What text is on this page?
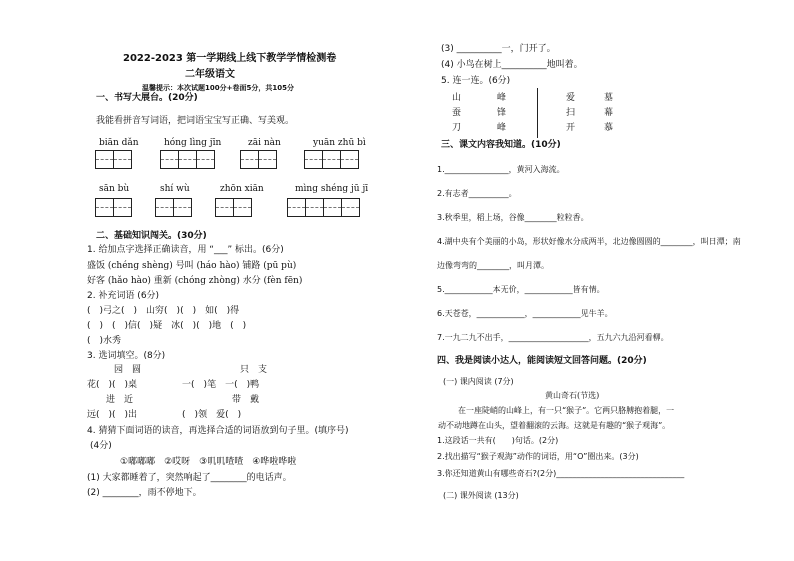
2022-2023 第一学期线上线下教学学情检测卷
二年级语文
温馨提示：本次试题100分+卷面5分，共105分
一、书写大展台。(20分)
我能看拼音写词语，把词语宝宝写正确、写美观。
biān dǎn	hóng lìng jīn	zāi nàn	yuān zhū bì
sān bù	shí wù	zhōn xiān	mìng shéng jū jī
二、基础知识闯关。(30分)
1. 给加点字选择正确读音，用 “___” 标出。(6分)
盛饭 (chéng shèng) 号叫 (háo hào) 铺路 (pū pù)
好客 (hǎo hào) 重新 (chóng zhòng) 水分 (fèn fēn)
2. 补充词语 (6分)
(　)弓之(　)　山穷(　)(　)　如(　)得
(　)　(　)信(　)疑　冰(　)(　)地　(　)
(　)水秀
3. 选词填空。(8分)
园　圆　　　　　　　　　　　只　支
花(　)(　)桌　　　　　一(　)笔　一(　)鸭
进　近　　　　　　　　　　　带　戴
远(　)(　)出　　　　　(　)领　爱(　)
4. 猜猜下面词语的读音，再选择合适的词语放到句子里。(填序号)
(4分)
①嘟嘟嘟　②哎呀　③叽叽喳喳　④哗啦哗啦
(1) 大家都睡着了，突然响起了________的电话声。
(2) ________，雨不停地下。
(3) __________一，门开了。
(4) 小鸟在树上__________地叫着。
5. 连一连。(6分)
山	峰
蚕	锋
刀	峰
爱	墓
扫	幕
开	慕
三、课文内容我知道。(10分)
1.________________，黄河入海流。
2.有志者__________。
3.秋季里，稻上场，谷像________粒粒香。
4.湖中央有个美丽的小岛，形状好像水分成两半，北边像圆圆的________，叫日潭；南
边像弯弯的________，叫月潭。
5.____________本无价，____________皆有情。
6.天苍苍，____________，____________见牛羊。
7.一九二九不出手，____________________，五九六九沿河看柳。
四、我是阅读小达人，能阅读短文回答问题。(20分)
(一) 课内阅读 (7分)
黄山奇石(节选)
在一座陡峭的山峰上，有一只“猴子”。它两只胳膊抱着腿，一
动不动地蹲在山头，望着翻滚的云海。这就是有趣的“猴子观海”。
1.这段话一共有(　　)句话。(2分)
2.找出描写“猴子观海”动作的词语，用“O”圈出来。(3分)
3.你还知道黄山有哪些奇石?(2分)________________________________
(二) 课外阅读 (13分)
